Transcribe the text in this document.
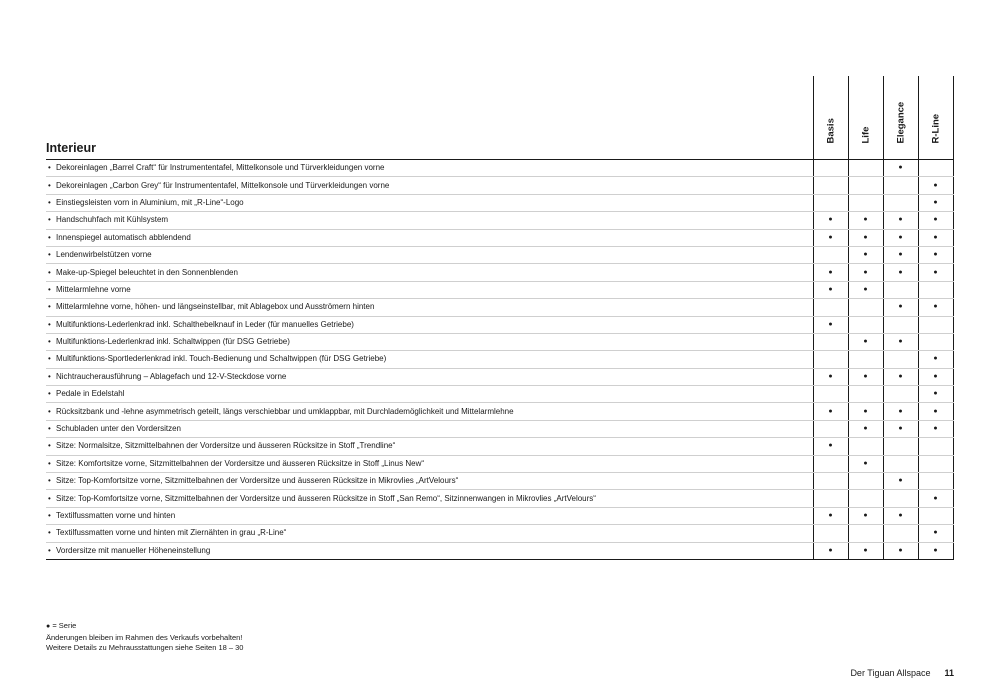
Interieur	Basis	Life	Elegance	R-Line

• Dekoreinlagen „Barrel Craft“ für Instrumententafel, Mittelkonsole und Türverkleidungen vorne			●	
• Dekoreinlagen „Carbon Grey“ für Instrumententafel, Mittelkonsole und Türverkleidungen vorne				●
• Einstiegsleisten vorn in Aluminium, mit „R-Line“-Logo				●
• Handschuhfach mit Kühlsystem	●	●	●	●
• Innenspiegel automatisch abblendend	●	●	●	●
• Lendenwirbelstützen vorne		●	●	●
• Make-up-Spiegel beleuchtet in den Sonnenblenden	●	●	●	●
• Mittelarmlehne vorne	●	●		
• Mittelarmlehne vorne, höhen- und längseinstellbar, mit Ablagebox und Ausströmern hinten			●	●
• Multifunktions-Lederlenkrad inkl. Schalthebelknauf in Leder (für manuelles Getriebe)	●			
• Multifunktions-Lederlenkrad inkl. Schaltwippen (für DSG Getriebe)		●	●	
• Multifunktions-Sportlederlenkrad inkl. Touch-Bedienung und Schaltwippen (für DSG Getriebe)				●
• Nichtraucherausführung – Ablagefach und 12-V-Steckdose vorne	●	●	●	●
• Pedale in Edelstahl				●
• Rücksitzbank und -lehne asymmetrisch geteilt, längs verschiebbar und umklappbar, mit Durchlademöglichkeit und Mittelarmlehne	●	●	●	●
• Schubladen unter den Vordersitzen		●	●	●
• Sitze: Normalsitze, Sitzmittelbahnen der Vordersitze und äusseren Rücksitze in Stoff „Trendline“	●			
• Sitze: Komfortsitze vorne, Sitzmittelbahnen der Vordersitze und äusseren Rücksitze in Stoff „Linus New“		●		
• Sitze: Top-Komfortsitze vorne, Sitzmittelbahnen der Vordersitze und äusseren Rücksitze in Mikrovlies „ArtVelours“			●	
• Sitze: Top-Komfortsitze vorne, Sitzmittelbahnen der Vordersitze und äusseren Rücksitze in Stoff „San Remo“, Sitzinnenwangen in Mikrovlies „ArtVelours“				●
• Textilfussmatten vorne und hinten	●	●	●	
• Textilfussmatten vorne und hinten mit Ziernähten in grau „R-Line“				●
• Vordersitze mit manueller Höheneinstellung	●	●	●	●
● = Serie
Änderungen bleiben im Rahmen des Verkaufs vorbehalten!
Weitere Details zu Mehrausstattungen siehe Seiten 18 – 30
Der Tiguan Allspace 11
